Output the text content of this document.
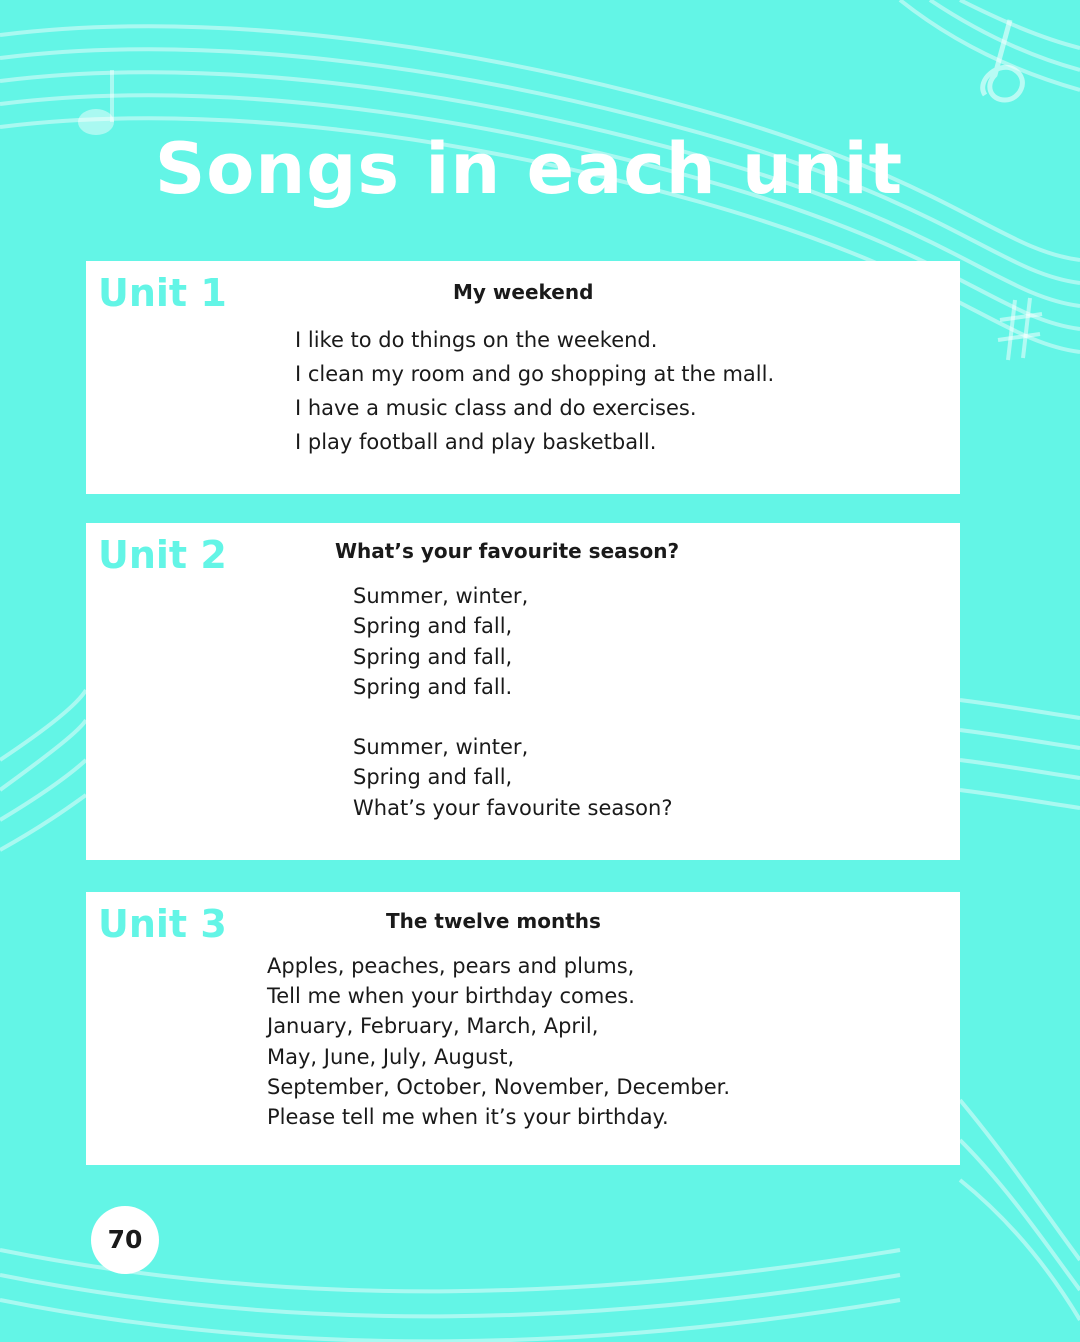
Songs in each unit
Unit 1	My weekend
I like to do things on the weekend.
I clean my room and go shopping at the mall.
I have a music class and do exercises.
I play football and play basketball.
Unit 2	What’s your favourite season?
Summer, winter,
Spring and fall,
Spring and fall,
Spring and fall.
Summer, winter,
Spring and fall,
What’s your favourite season?
Unit 3	The twelve months
Apples, peaches, pears and plums,
Tell me when your birthday comes.
January, February, March, April,
May, June, July, August,
September, October, November, December.
Please tell me when it’s your birthday.
70
